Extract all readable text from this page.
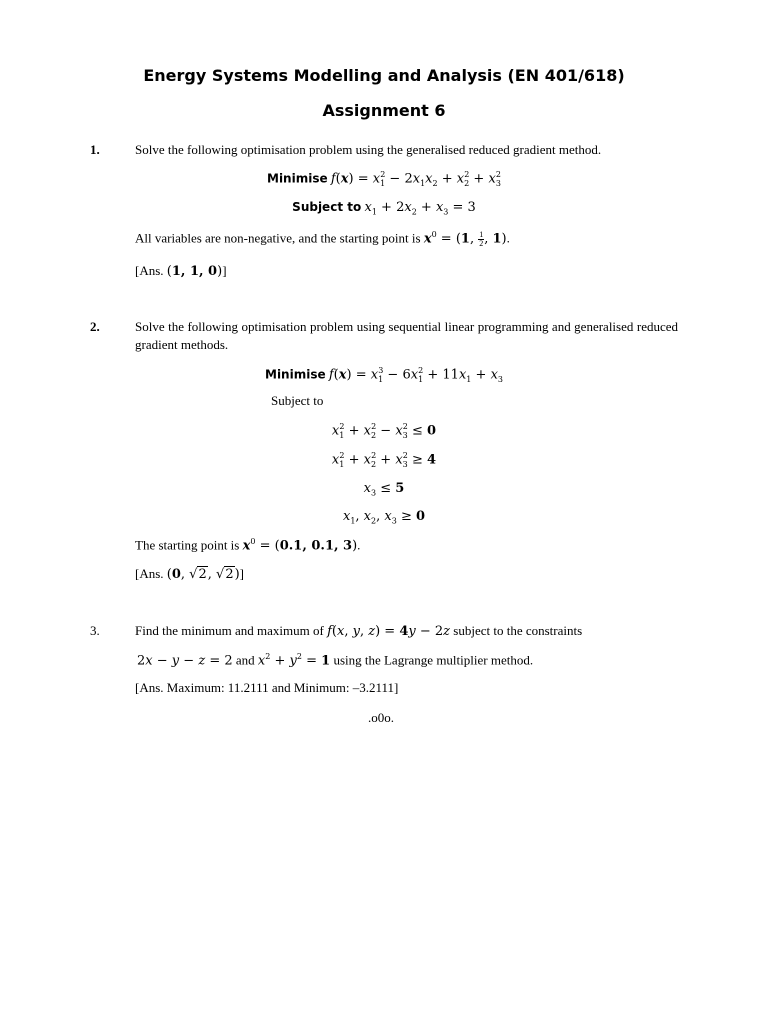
Energy Systems Modelling and Analysis (EN 401/618)
Assignment 6
1.	Solve the following optimisation problem using the generalised reduced gradient method.
Minimise $f(x) = x_1^2 - 2x_1x_2 + x_2^2 + x_3^2$
Subject to $x_1 + 2x_2 + x_3 = 3$
All variables are non-negative, and the starting point is $x^0 = (1$, $\frac{1}{2}$ , 1).
[Ans. (1, 1, 0)]
2.	Solve the following optimisation problem using sequential linear programming and generalised reduced gradient methods.
Minimise $f(x) = x_1^3 - 6x_1^2 + 11x_1 + x_3$
Subject to
$x_1^2 + x_2^2 - x_3^2 \le 0$
$x_1^2 + x_2^2 + x_3^2 \ge 4$
$x_3 \le 5$
$x_1$, $x_2$, $x_3 \ge 0$
The starting point is $x^0 = (0.1$, 0.1, 3).
[Ans. (0, √2, √2)]
3.	Find the minimum and maximum of f(x, y, z) = 4y − 2z subject to the constraints
2x − y − z = 2 and $x^2 + y^2 = 1$ using the Lagrange multiplier method.
[Ans. Maximum: 11.2111 and Minimum: –3.2111]
.o0o.
